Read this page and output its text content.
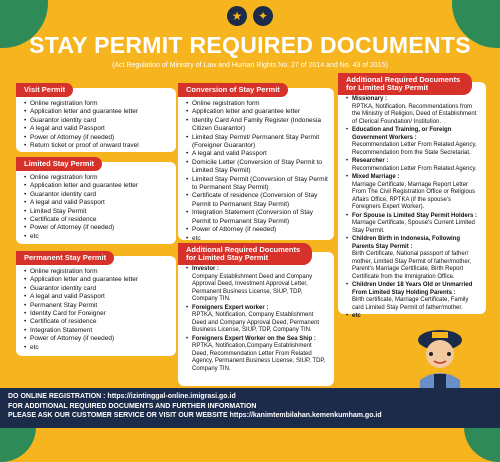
★	✦
STAY PERMIT REQUIRED DOCUMENTS

(Act Regulation of Ministry of Law and Human Rights No. 27 of 2014 and No. 43 of 2015)

Visit Permit
• Online registration form
• Application letter and guarantee letter
• Guarantor identity card
• A legal and valid Passport
• Power of Attorney (if needed)
• Return ticket or proof of onward travel
Limited Stay Permit
• Online registration form
• Application letter and guarantee letter
• Guarantor identity card
• A legal and valid Passport
• Limited Stay Permit
• Certificate of residence
• Power of Attorney (if needed)
• etc
Permanent Stay Permit
• Online registration form
• Application letter and guarantee letter
• Guarantor identity card
• A legal and valid Passport
• Permanent Stay Permit
• Identity Card for Foreigner
• Certificate of residence
• Integration Statement
• Power of Attorney (if needed)
• etc
Conversion of Stay Permit
• Online registration form
• Application letter and guarantee letter
• Identity Card And Family Register (Indonesia Citizen Guarantor)
• Limited Stay Permit/ Permanent Stay Permit (Foreigner Guarantor)
• A legal and valid Passport
• Domicile Letter (Conversion of Stay Permit to Limited Stay Permit)
• Limited Stay Permit (Conversion of Stay Permit to Permanent Stay Permit)
• Certificate of residence (Conversion of Stay Permit to Permanent Stay Permit)
• Integration Statement (Conversion of Stay Permit to Permanent Stay Permit)
• Power of Attorney (if needed)
• etc
Additional Required Documents for Limited Stay Permit
• Investor :
Company Establishment Deed and Company Approval Deed, Investment Approval Letter, Permanent Business License, SIUP, TDP, Company TIN.
• Foreigners Expert worker :
RPTKA, Notification, Company Establishment Deed and Company Approval Deed, Permanent Business License, SIUP, TDP, Company TIN.
• Foreigners Expert Worker on the Sea Ship :
RPTKA, Notification,Company Establishment Deed, Recommendation Letter From Related Agency, Permanent Business License, SIUP, TDP, Company TIN.
Additional Required Documents for Limited Stay Permit
• Missionary :
RPTKA, Notification, Recommendations from the Ministry of Religion, Deed of Establishment of Clerical Foundation/ Institution.
• Education and Training, or Foreign Government Workers :
Recommendation Letter From Related Agency, Recommendation from the State Secretariat.
• Researcher :
Recommendation Letter From Related Agency.
• Mixed Marriage :
Marriage Certificate, Marriage Report Letter From The Civil Registration Office or Religious Affairs Office, RPTKA (if the spouse's Foreigners Expert Worker).
• For Spouse is Limited Stay Permit Holders :
Marriage Certificate, Spouse's Current Limited Stay Permit.
• Children Birth in Indonesia, Following Parents Stay Permit :
Birth Certificate, National passport of father/ mother, Limited Stay Permit of father/mother, Parent's Marriage Certificate, Birth Report Certificate from the Immigration Office.
• Children Under 18 Years Old or Unmarried From Limited Stay Holding Parents :
Birth certificate, Marriage Certificate, Family card Limited Stay Permit of father/mother.
• etc
DO ONLINE REGISTRATION : https://izintinggal-online.imigrasi.go.id
FOR ADDITIONAL REQUIRED DOCUMENTS AND FURTHER INFORMATION
PLEASE ASK OUR CUSTOMER SERVICE OR VISIT OUR WEBSITE https://kanimtembilahan.kemenkumham.go.id
